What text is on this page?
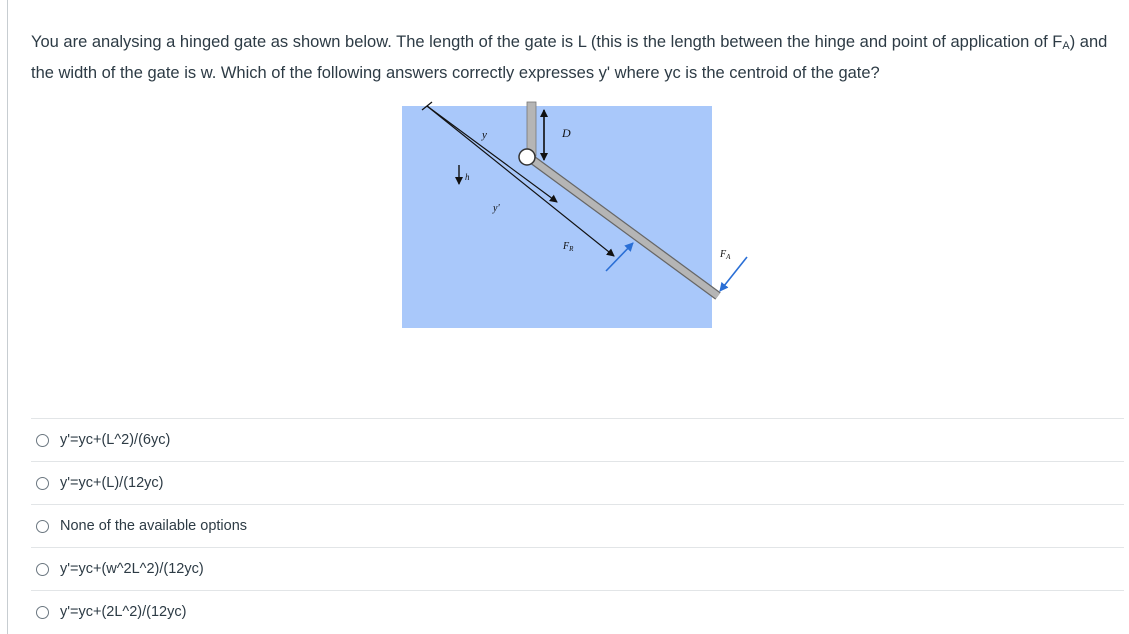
You are analysing a hinged gate as shown below. The length of the gate is L (this is the length between the hinge and point of application of FA) and the width of the gate is w. Which of the following answers correctly expresses y' where yc is the centroid of the gate?
y	D
h
y'
$F_R$	$F_A$
y'=yc+(L^2)/(6yc)
y'=yc+(L)/(12yc)
None of the available options
y'=yc+(w^2L^2)/(12yc)
y'=yc+(2L^2)/(12yc)
